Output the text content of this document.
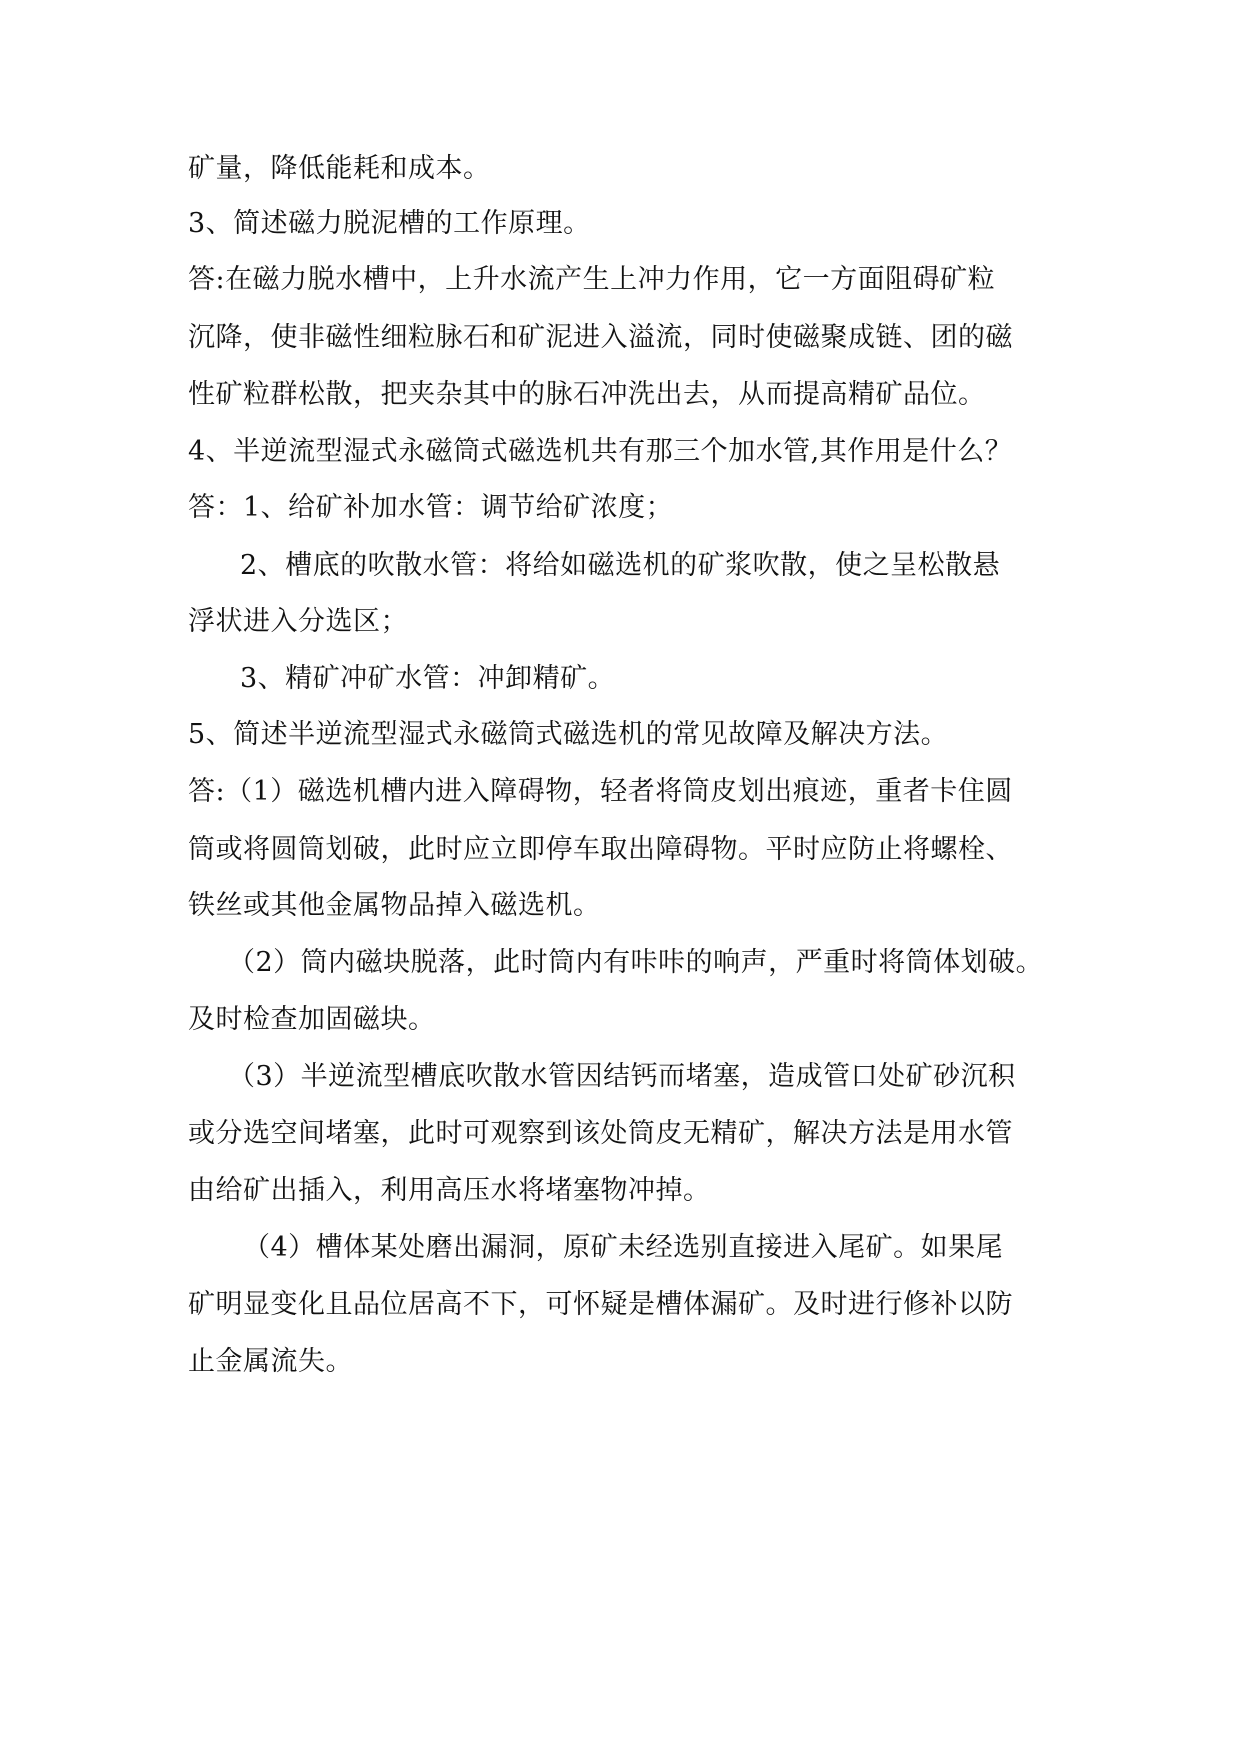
矿量，降低能耗和成本。
3、简述磁力脱泥槽的工作原理。
答:在磁力脱水槽中，上升水流产生上冲力作用，它一方面阻碍矿粒
沉降，使非磁性细粒脉石和矿泥进入溢流，同时使磁聚成链、团的磁
性矿粒群松散，把夹杂其中的脉石冲洗出去，从而提高精矿品位。
4、半逆流型湿式永磁筒式磁选机共有那三个加水管,其作用是什么？
答：1、给矿补加水管：调节给矿浓度；
2、槽底的吹散水管：将给如磁选机的矿浆吹散，使之呈松散悬
浮状进入分选区；
3、精矿冲矿水管：冲卸精矿。
5、简述半逆流型湿式永磁筒式磁选机的常见故障及解决方法。
答:（1）磁选机槽内进入障碍物，轻者将筒皮划出痕迹，重者卡住圆
筒或将圆筒划破，此时应立即停车取出障碍物。平时应防止将螺栓、
铁丝或其他金属物品掉入磁选机。
（2）筒内磁块脱落，此时筒内有咔咔的响声，严重时将筒体划破。
及时检查加固磁块。
（3）半逆流型槽底吹散水管因结钙而堵塞，造成管口处矿砂沉积
或分选空间堵塞，此时可观察到该处筒皮无精矿，解决方法是用水管
由给矿出插入，利用高压水将堵塞物冲掉。
（4）槽体某处磨出漏洞，原矿未经选别直接进入尾矿。如果尾
矿明显变化且品位居高不下，可怀疑是槽体漏矿。及时进行修补以防
止金属流失。
